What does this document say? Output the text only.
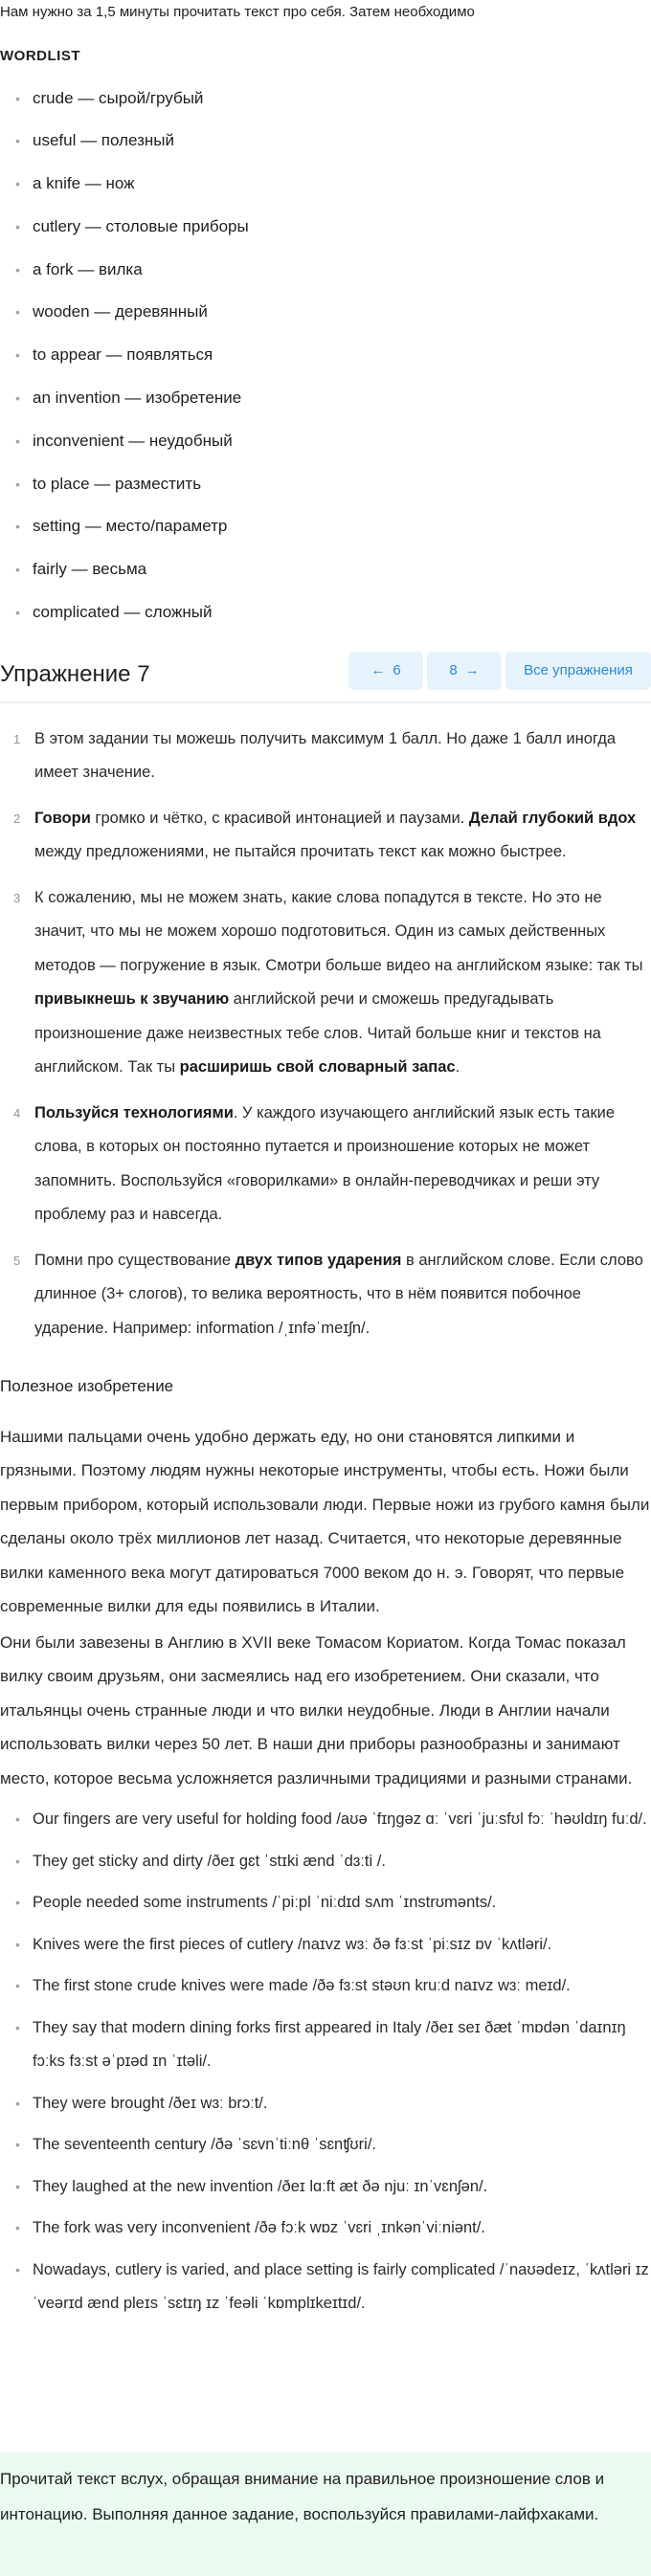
Нам нужно за 1,5 минуты прочитать текст про себя. Затем необходимо
WORDLIST
• crude — сырой/грубый
• useful — полезный
• a knife — нож
• cutlery — столовые приборы
• a fork — вилка
• wooden — деревянный
• to appear — появляться
• an invention — изобретение
• inconvenient — неудобный
• to place — разместить
• setting — место/параметр
• fairly — весьма
• complicated — сложный
Упражнение 7	← 6	8 →	Все упражнения
1 В этом задании ты можешь получить максимум 1 балл. Но даже 1 балл иногда имеет значение.
2 Говори громко и чётко, с красивой интонацией и паузами. Делай глубокий вдох между предложениями, не пытайся прочитать текст как можно быстрее.
3 К сожалению, мы не можем знать, какие слова попадутся в тексте. Но это не значит, что мы не можем хорошо подготовиться. Один из самых действенных методов — погружение в язык. Смотри больше видео на английском языке: так ты привыкнешь к звучанию английской речи и сможешь предугадывать произношение даже неизвестных тебе слов. Читай больше книг и текстов на английском. Так ты расширишь свой словарный запас.
4 Пользуйся технологиями. У каждого изучающего английский язык есть такие слова, в которых он постоянно путается и произношение которых не может запомнить. Воспользуйся «говорилками» в онлайн-переводчиках и реши эту проблему раз и навсегда.
5 Помни про существование двух типов ударения в английском слове. Если слово длинное (3+ слогов), то велика вероятность, что в нём появится побочное ударение. Например: information /ˌɪnfəˈmeɪʃn/.
Полезное изобретение

Нашими пальцами очень удобно держать еду, но они становятся липкими и грязными. Поэтому людям нужны некоторые инструменты, чтобы есть. Ножи были первым прибором, который использовали люди. Первые ножи из грубого камня были сделаны около трёх миллионов лет назад. Считается, что некоторые деревянные вилки каменного века могут датироваться 7000 веком до н. э. Говорят, что первые современные вилки для еды появились в Италии.

Они были завезены в Англию в XVII веке Томасом Кориатом. Когда Томас показал вилку своим друзьям, они засмеялись над его изобретением. Они сказали, что итальянцы очень странные люди и что вилки неудобные. Люди в Англии начали использовать вилки через 50 лет. В наши дни приборы разнообразны и занимают место, которое весьма усложняется различными традициями и разными странами.

• Our fingers are very useful for holding food /aʊə ˈfɪŋgəz ɑː ˈvɛri ˈjuːsfʊl fɔː ˈhəʊldɪŋ fuːd/.
• They get sticky and dirty /ðeɪ gɛt ˈstɪki ænd ˈdɜːti /.
• People needed some instruments /ˈpiːpl ˈniːdɪd sʌm ˈɪnstrʊmənts/.
• Knives were the first pieces of cutlery /naɪvz wɜː ðə fɜːst ˈpiːsɪz ɒv ˈkʌtləri/.
• The first stone crude knives were made /ðə fɜːst stəʊn kruːd naɪvz wɜː meɪd/.
• They say that modern dining forks first appeared in Italy /ðeɪ seɪ ðæt ˈmɒdən ˈdaɪnɪŋ fɔːks fɜːst əˈpɪəd ɪn ˈɪtəli/.
• They were brought /ðeɪ wɜː brɔːt/.
• The seventeenth century /ðə ˈsɛvnˈtiːnθ ˈsɛnʧʊri/.
• They laughed at the new invention /ðeɪ lɑːft æt ðə njuː ɪnˈvɛnʃən/.
• The fork was very inconvenient /ðə fɔːk wɒz ˈvɛri ˌɪnkənˈviːniənt/.
• Nowadays, cutlery is varied, and place setting is fairly complicated /ˈnaʊədeɪz, ˈkʌtləri ɪz ˈveərɪd ænd pleɪs ˈsɛtɪŋ ɪz ˈfeəli ˈkɒmplɪkeɪtɪd/.

Прочитай текст вслух, обращая внимание на правильное произношение слов и интонацию. Выполняя данное задание, воспользуйся правилами-лайфхаками.
